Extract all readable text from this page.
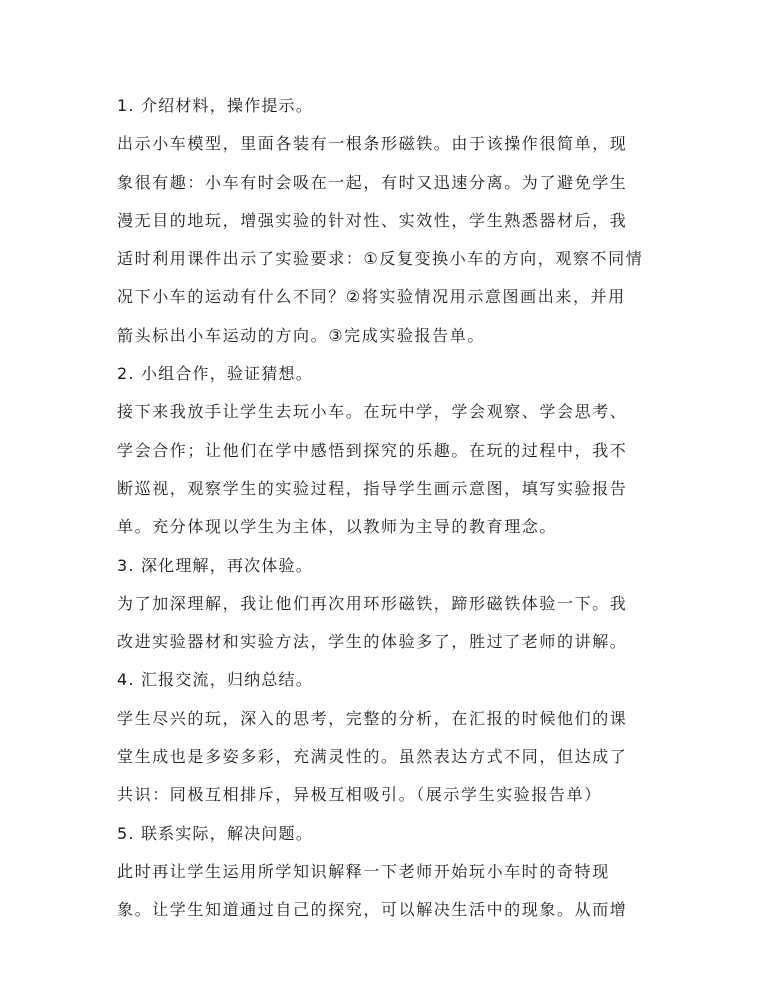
1. 介绍材料，操作提示。
出示小车模型，里面各装有一根条形磁铁。由于该操作很简单，现
象很有趣：小车有时会吸在一起，有时又迅速分离。为了避免学生
漫无目的地玩，增强实验的针对性、实效性，学生熟悉器材后，我
适时利用课件出示了实验要求：①反复变换小车的方向，观察不同情
况下小车的运动有什么不同？②将实验情况用示意图画出来，并用
箭头标出小车运动的方向。③完成实验报告单。
2. 小组合作，验证猜想。
接下来我放手让学生去玩小车。在玩中学，学会观察、学会思考、
学会合作；让他们在学中感悟到探究的乐趣。在玩的过程中，我不
断巡视，观察学生的实验过程，指导学生画示意图，填写实验报告
单。充分体现以学生为主体，以教师为主导的教育理念。
3. 深化理解，再次体验。
为了加深理解，我让他们再次用环形磁铁，蹄形磁铁体验一下。我
改进实验器材和实验方法，学生的体验多了，胜过了老师的讲解。
4. 汇报交流，归纳总结。
学生尽兴的玩，深入的思考，完整的分析，在汇报的时候他们的课
堂生成也是多姿多彩，充满灵性的。虽然表达方式不同，但达成了
共识：同极互相排斥，异极互相吸引。（展示学生实验报告单）
5. 联系实际，解决问题。
此时再让学生运用所学知识解释一下老师开始玩小车时的奇特现
象。让学生知道通过自己的探究，可以解决生活中的现象。从而增
